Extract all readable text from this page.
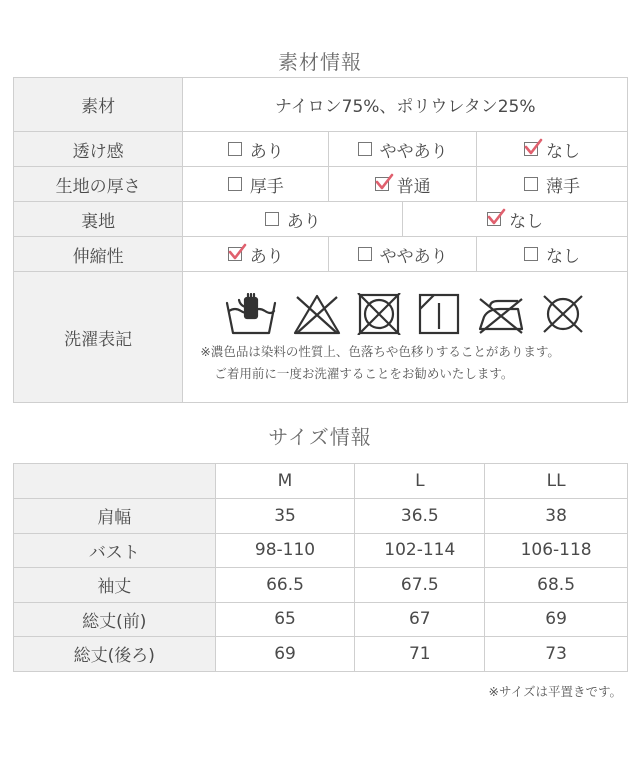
素材情報
素材	ナイロン75%、ポリウレタン25%			
透け感	あり	ややあり		なし

生地の厚さ	厚手	普通		薄手

裏地	あり		なし	

伸縮性	あり	ややあり		なし

洗濯表記	※濃色品は染料の性質上、色落ちや色移りすることがあります。
ご着用前に一度お洗濯することをお勧めいたします。			
サイズ情報
	M	L	LL
肩幅	35	36.5	38
バスト	98-110	102-114	106-118
袖丈	66.5	67.5	68.5
総丈(前)	65	67	69
総丈(後ろ)	69	71	73
※サイズは平置きです。
